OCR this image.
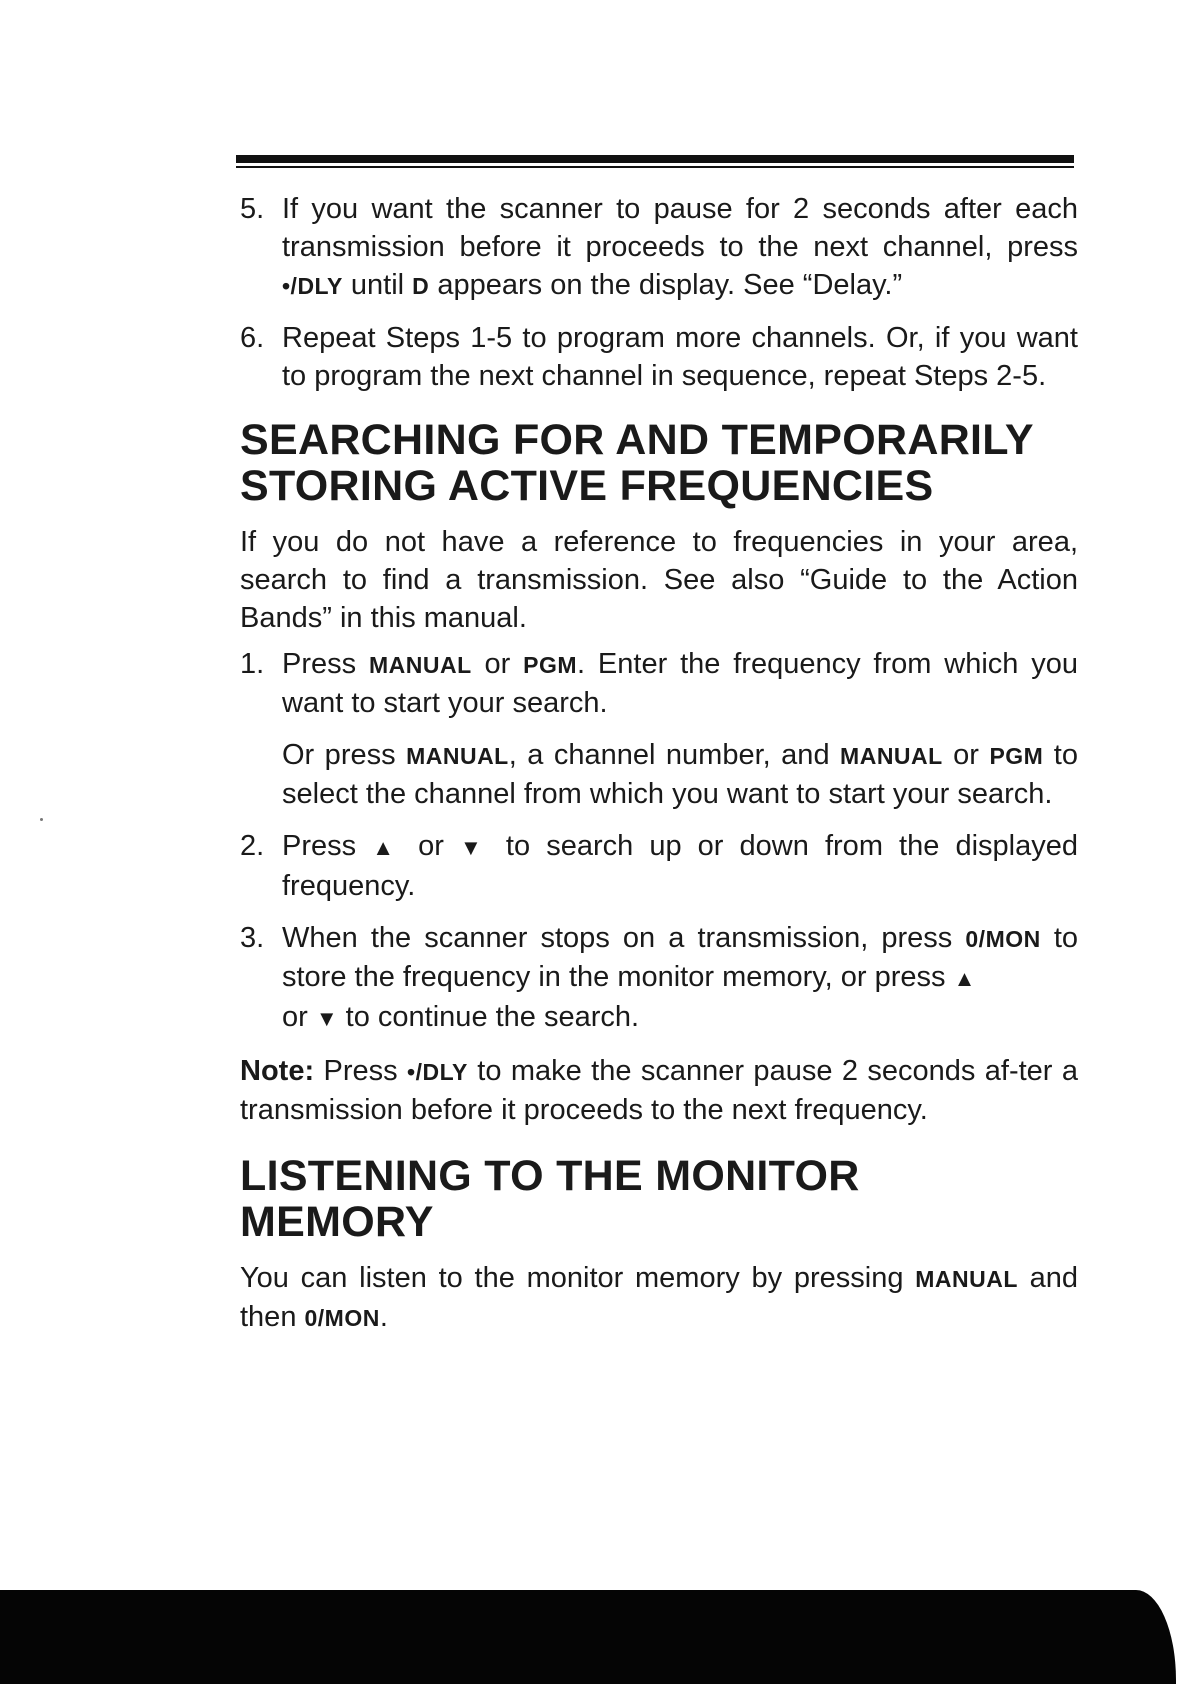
5. If you want the scanner to pause for 2 seconds after each transmission before it proceeds to the next channel, press •/DLY until D appears on the display. See “Delay.”

6. Repeat Steps 1-5 to program more channels. Or, if you want to program the next channel in sequence, repeat Steps 2-5.

SEARCHING FOR AND TEMPORARILY
STORING ACTIVE FREQUENCIES

If you do not have a reference to frequencies in your area, search to find a transmission. See also “Guide to the Action Bands” in this manual.

1. Press MANUAL or PGM. Enter the frequency from which you want to start your search.

Or press MANUAL, a channel number, and MANUAL or PGM to select the channel from which you want to start your search.

2. Press ▲ or ▼ to search up or down from the displayed frequency.

3. When the scanner stops on a transmission, press 0/MON to store the frequency in the monitor memory, or press ▲
or ▼ to continue the search.

Note: Press •/DLY to make the scanner pause 2 seconds af-ter a transmission before it proceeds to the next frequency.

LISTENING TO THE MONITOR
MEMORY

You can listen to the monitor memory by pressing MANUAL and then 0/MON.
